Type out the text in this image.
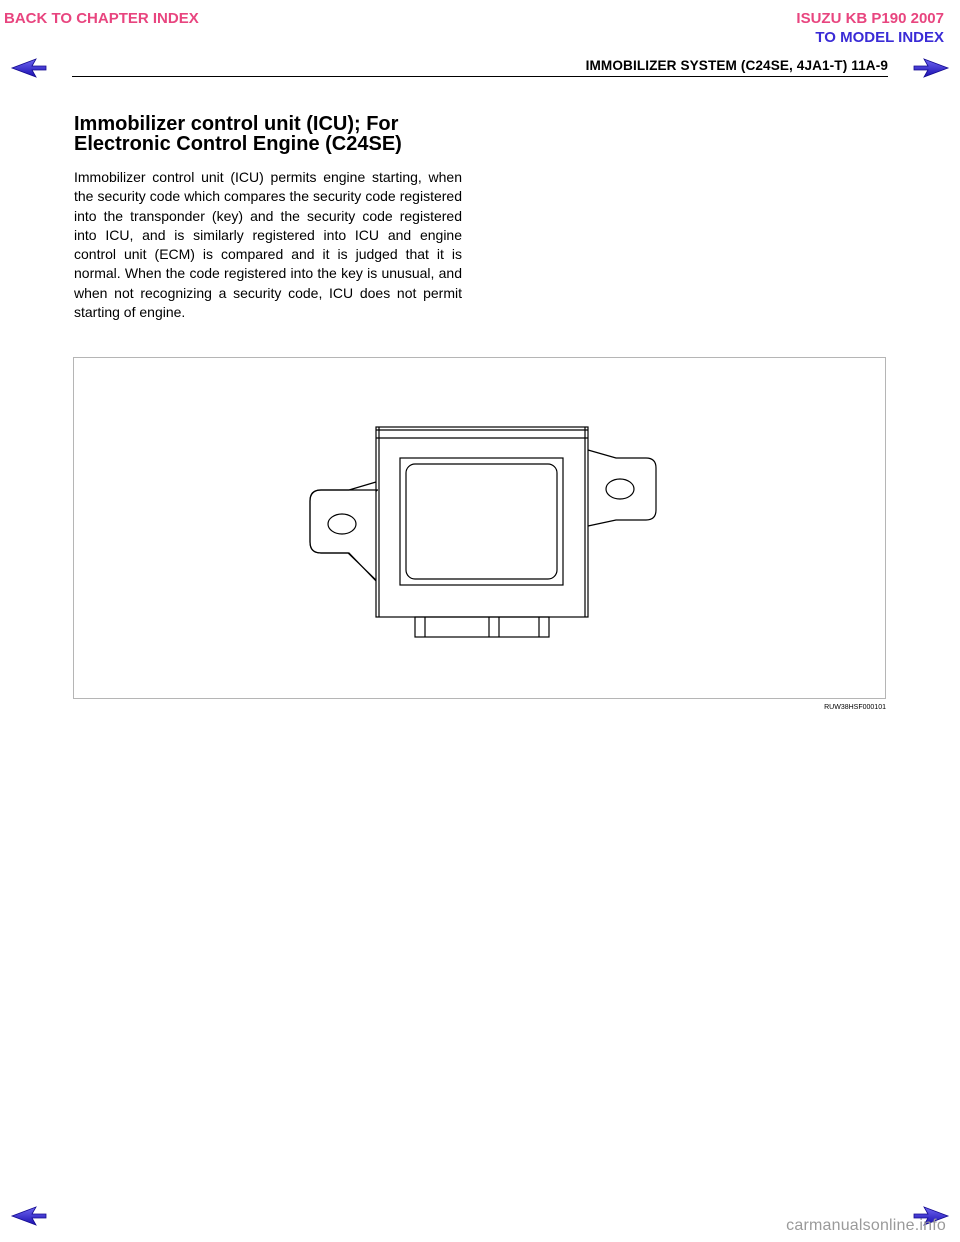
BACK TO CHAPTER INDEX	ISUZU KB P190 2007
TO MODEL INDEX
IMMOBILIZER SYSTEM (C24SE, 4JA1-T) 11A-9
Immobilizer control unit (ICU); For
Electronic Control Engine (C24SE)

Immobilizer control unit (ICU) permits engine starting, when the security code which compares the security code registered into the transponder (key) and the security code registered into ICU, and is similarly registered into ICU and engine control unit (ECM) is compared and it is judged that it is normal. When the code registered into the key is unusual, and when not recognizing a security code, ICU does not permit starting of engine.

RUW38HSF000101
carmanualsonline.info
